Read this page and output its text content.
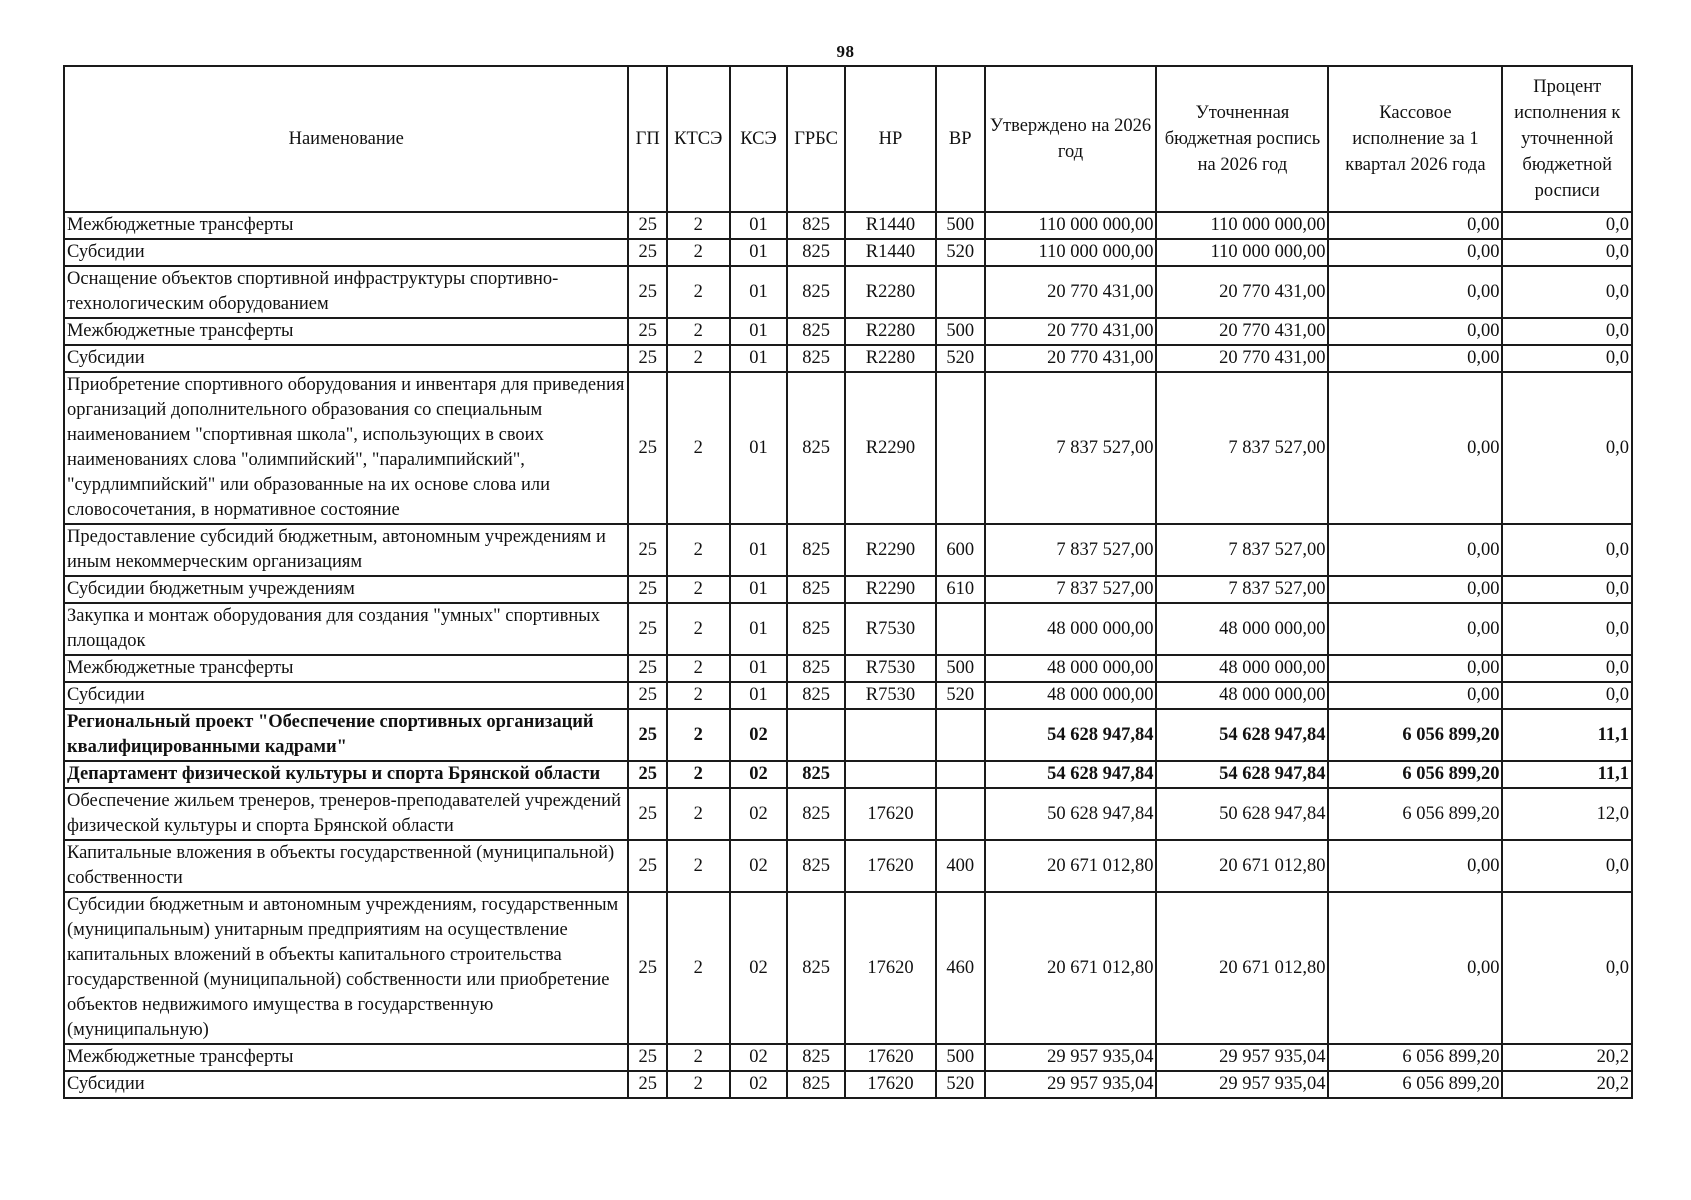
98
Наименование	ГП	КТСЭ	КСЭ	ГРБС	НР	ВР	Утверждено на 2026 год	Уточненная бюджетная роспись на 2026 год	Кассовое исполнение за 1 квартал 2026 года	Процент исполнения к уточненной бюджетной росписи
Межбюджетные трансферты	25	2	01	825	R1440	500	110 000 000,00	110 000 000,00	0,00	0,0
Субсидии	25	2	01	825	R1440	520	110 000 000,00	110 000 000,00	0,00	0,0
Оснащение объектов спортивной инфраструктуры спортивно-технологическим оборудованием	25	2	01	825	R2280		20 770 431,00	20 770 431,00	0,00	0,0
Межбюджетные трансферты	25	2	01	825	R2280	500	20 770 431,00	20 770 431,00	0,00	0,0
Субсидии	25	2	01	825	R2280	520	20 770 431,00	20 770 431,00	0,00	0,0
Приобретение спортивного оборудования и инвентаря для приведения организаций дополнительного образования со специальным наименованием "спортивная школа", использующих в своих наименованиях слова "олимпийский", "паралимпийский", "сурдлимпийский" или образованные на их основе слова или словосочетания, в нормативное состояние	25	2	01	825	R2290		7 837 527,00	7 837 527,00	0,00	0,0
Предоставление субсидий бюджетным, автономным учреждениям и иным некоммерческим организациям	25	2	01	825	R2290	600	7 837 527,00	7 837 527,00	0,00	0,0
Субсидии бюджетным учреждениям	25	2	01	825	R2290	610	7 837 527,00	7 837 527,00	0,00	0,0
Закупка и монтаж оборудования для создания "умных" спортивных площадок	25	2	01	825	R7530		48 000 000,00	48 000 000,00	0,00	0,0
Межбюджетные трансферты	25	2	01	825	R7530	500	48 000 000,00	48 000 000,00	0,00	0,0
Субсидии	25	2	01	825	R7530	520	48 000 000,00	48 000 000,00	0,00	0,0
Региональный проект "Обеспечение спортивных организаций квалифицированными кадрами"	25	2	02				54 628 947,84	54 628 947,84	6 056 899,20	11,1
Департамент физической культуры и спорта Брянской области	25	2	02	825			54 628 947,84	54 628 947,84	6 056 899,20	11,1
Обеспечение жильем тренеров, тренеров-преподавателей учреждений физической культуры и спорта Брянской области	25	2	02	825	17620		50 628 947,84	50 628 947,84	6 056 899,20	12,0
Капитальные вложения в объекты государственной (муниципальной) собственности	25	2	02	825	17620	400	20 671 012,80	20 671 012,80	0,00	0,0
Субсидии бюджетным и автономным учреждениям, государственным (муниципальным) унитарным предприятиям на осуществление капитальных вложений в объекты капитального строительства государственной (муниципальной) собственности или приобретение объектов недвижимого имущества в государственную (муниципальную)	25	2	02	825	17620	460	20 671 012,80	20 671 012,80	0,00	0,0
Межбюджетные трансферты	25	2	02	825	17620	500	29 957 935,04	29 957 935,04	6 056 899,20	20,2
Субсидии	25	2	02	825	17620	520	29 957 935,04	29 957 935,04	6 056 899,20	20,2
